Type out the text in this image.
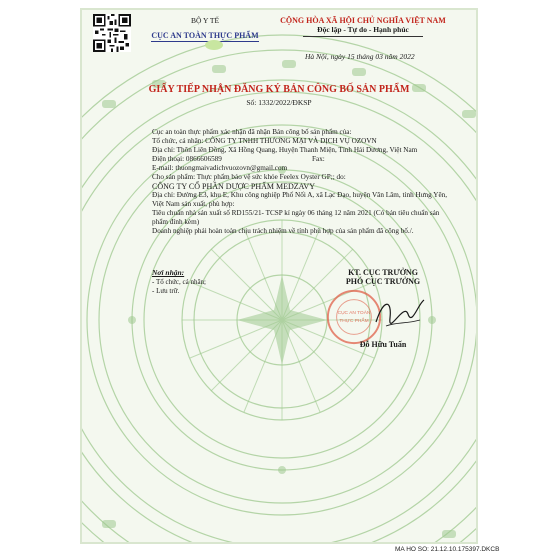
BỘ Y TẾ
CỤC AN TOÀN THỰC PHẨM
CỘNG HÒA XÃ HỘI CHỦ NGHĨA VIỆT NAM
Độc lập - Tự do - Hạnh phúc
Hà Nội, ngày 15 tháng 03 năm 2022
GIẤY TIẾP NHẬN ĐĂNG KÝ BẢN CÔNG BỐ SẢN PHẨM
Số: 1332/2022/ĐKSP
Cục an toàn thực phẩm xác nhận đã nhận Bản công bố sản phẩm của:
Tổ chức, cá nhân: CÔNG TY TNHH THƯƠNG MẠI VÀ DỊCH VỤ OZOVN
Địa chỉ: Thôn Liên Đồng, Xã Hồng Quang, Huyện Thanh Miện, Tỉnh Hải Dương, Việt Nam
Điện thoại: 0866606589	Fax:
E-mail: thuongmaivadichvuozovn@gmail.com
Cho sản phẩm: Thực phẩm bảo vệ sức khỏe Feelex Oyster GP;; do:
CÔNG TY CỔ PHẦN DƯỢC PHẨM MEDZAVY
Địa chỉ: Đường E3, khu E, Khu công nghiệp Phố Nối A, xã Lạc Đạo, huyện Văn Lâm, tỉnh Hưng Yên, Việt Nam sản xuất, phù hợp:
Tiêu chuẩn nhà sản xuất số RD155/21- TCSP kí ngày 06 tháng 12 năm 2021 (Có bản tiêu chuẩn sản phẩm đính kèm)
Doanh nghiệp phải hoàn toàn chịu trách nhiệm về tính phù hợp của sản phẩm đã công bố./.
Nơi nhận:
- Tổ chức, cá nhân;
- Lưu trữ.
KT. CỤC TRƯỞNG
PHÓ CỤC TRƯỞNG
CỤC AN TOÀN
THỰC PHẨM
Đỗ Hữu Tuấn
MA HO SO: 21.12.10.175397.DKCB
